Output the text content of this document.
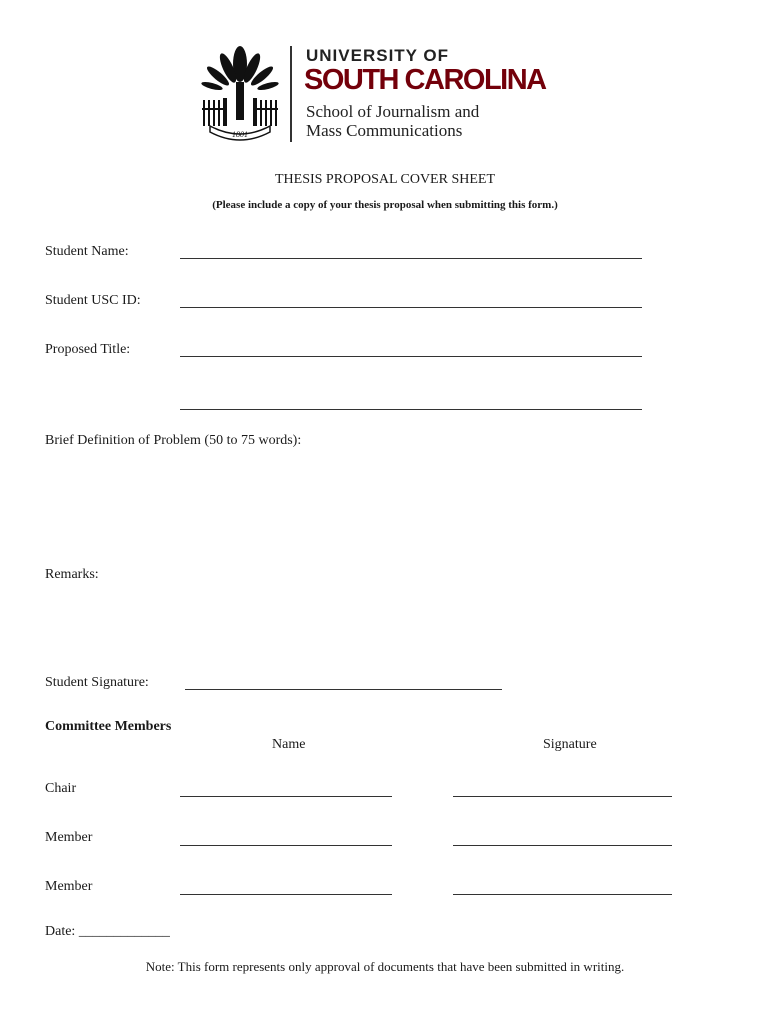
1801
UNIVERSITY OF
SOUTH CAROLINA
School of Journalism and
Mass Communications
THESIS PROPOSAL COVER SHEET
(Please include a copy of your thesis proposal when submitting this form.)
Student Name:
Student USC ID:
Proposed Title:
Brief Definition of Problem (50 to 75 words):
Remarks:
Student Signature:
Committee Members
Name	Signature
Chair
Member
Member
Date: _____________
Note: This form represents only approval of documents that have been submitted in writing.
